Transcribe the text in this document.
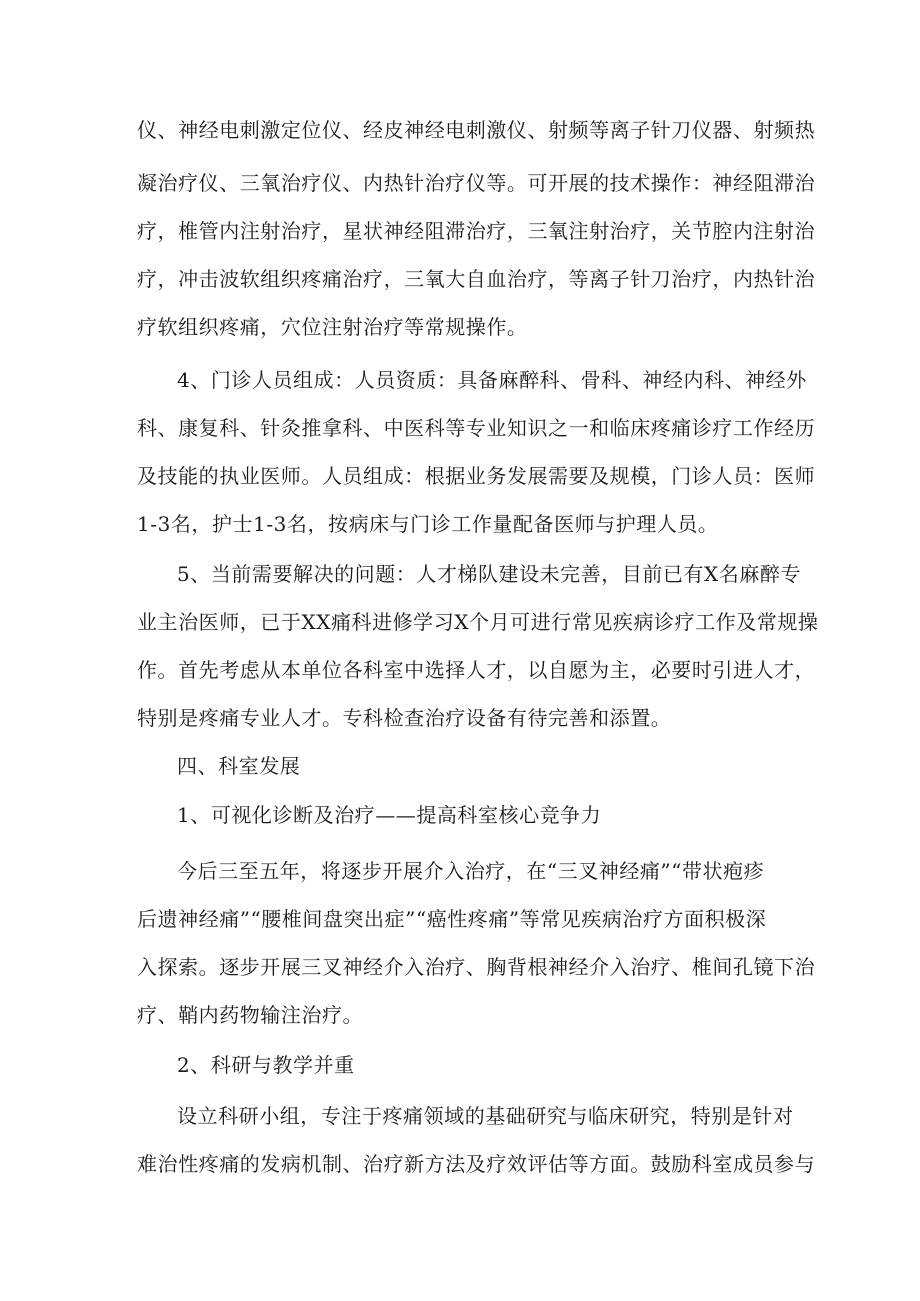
仪、神经电刺激定位仪、经皮神经电刺激仪、射频等离子针刀仪器、射频热
凝治疗仪、三氧治疗仪、内热针治疗仪等。可开展的技术操作：神经阻滞治
疗，椎管内注射治疗，星状神经阻滞治疗，三氧注射治疗，关节腔内注射治
疗，冲击波软组织疼痛治疗，三氧大自血治疗，等离子针刀治疗，内热针治
疗软组织疼痛，穴位注射治疗等常规操作。
4、门诊人员组成：人员资质：具备麻醉科、骨科、神经内科、神经外
科、康复科、针灸推拿科、中医科等专业知识之一和临床疼痛诊疗工作经历
及技能的执业医师。人员组成：根据业务发展需要及规模，门诊人员：医师
1-3名，护士1-3名，按病床与门诊工作量配备医师与护理人员。
5、当前需要解决的问题：人才梯队建设未完善，目前已有X名麻醉专
业主治医师，已于XX痛科进修学习X个月可进行常见疾病诊疗工作及常规操
作。首先考虑从本单位各科室中选择人才，以自愿为主，必要时引进人才，
特别是疼痛专业人才。专科检查治疗设备有待完善和添置。
四、科室发展
1、可视化诊断及治疗——提高科室核心竞争力
今后三至五年，将逐步开展介入治疗，在“三叉神经痛”“带状疱疹
后遗神经痛”“腰椎间盘突出症”“癌性疼痛”等常见疾病治疗方面积极深
入探索。逐步开展三叉神经介入治疗、胸背根神经介入治疗、椎间孔镜下治
疗、鞘内药物输注治疗。
2、科研与教学并重
设立科研小组，专注于疼痛领域的基础研究与临床研究，特别是针对
难治性疼痛的发病机制、治疗新方法及疗效评估等方面。鼓励科室成员参与
